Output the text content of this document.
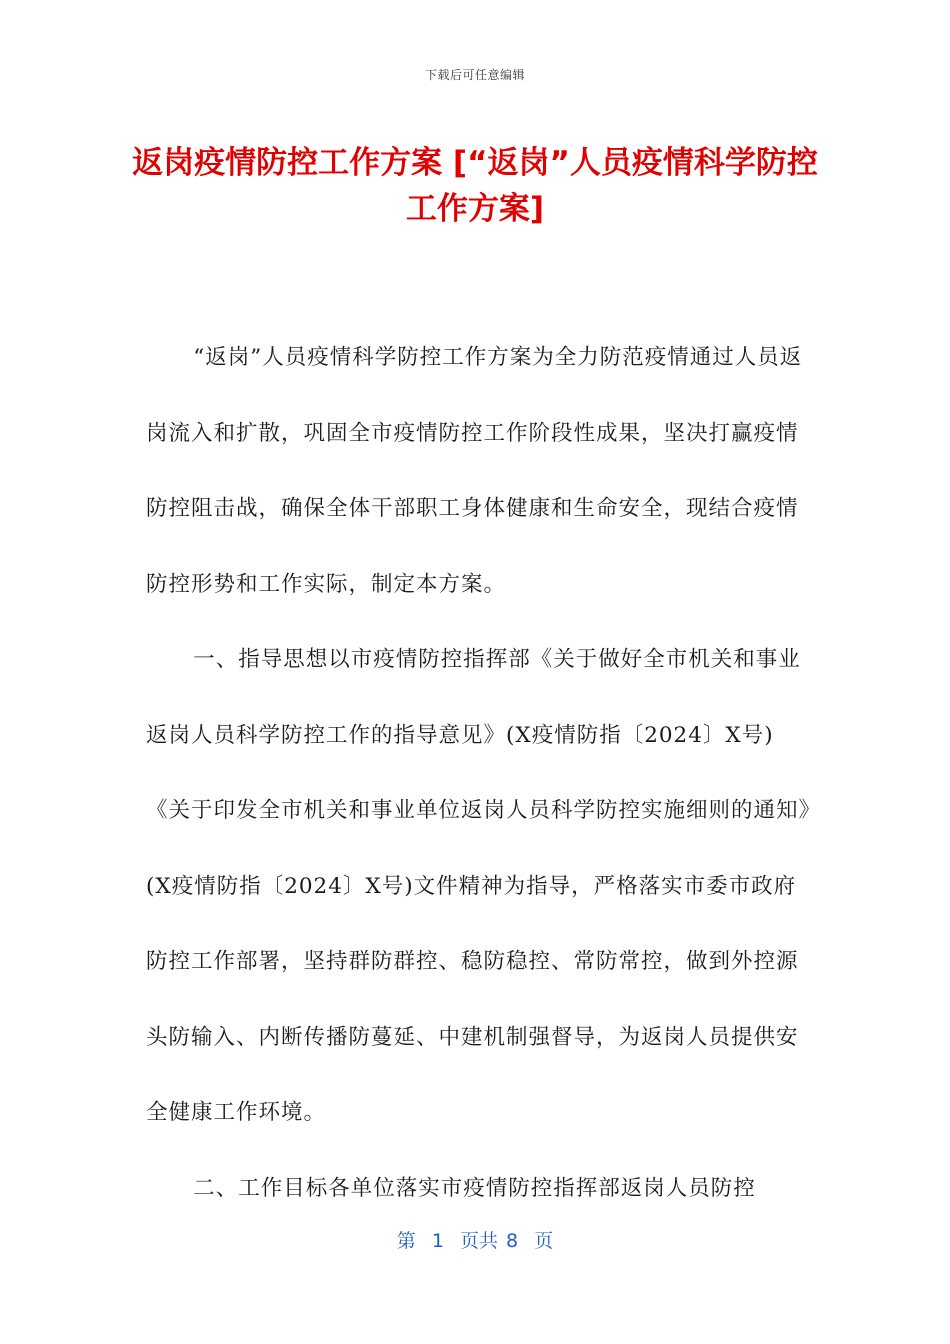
下载后可任意编辑
返岗疫情防控工作方案 [“返岗”人员疫情科学防控工作方案]

“返岗”人员疫情科学防控工作方案为全力防范疫情通过人员返岗流入和扩散，巩固全市疫情防控工作阶段性成果，坚决打赢疫情防控阻击战，确保全体干部职工身体健康和生命安全，现结合疫情防控形势和工作实际，制定本方案。

一、指导思想以市疫情防控指挥部《关于做好全市机关和事业返岗人员科学防控工作的指导意见》(X疫情防指〔2024〕X号)《关于印发全市机关和事业单位返岗人员科学防控实施细则的通知》(X疫情防指〔2024〕X号)文件精神为指导，严格落实市委市政府防控工作部署，坚持群防群控、稳防稳控、常防常控，做到外控源头防输入、内断传播防蔓延、中建机制强督导，为返岗人员提供安全健康工作环境。

二、工作目标各单位落实市疫情防控指挥部返岗人员防控

第  1  页共 8  页
